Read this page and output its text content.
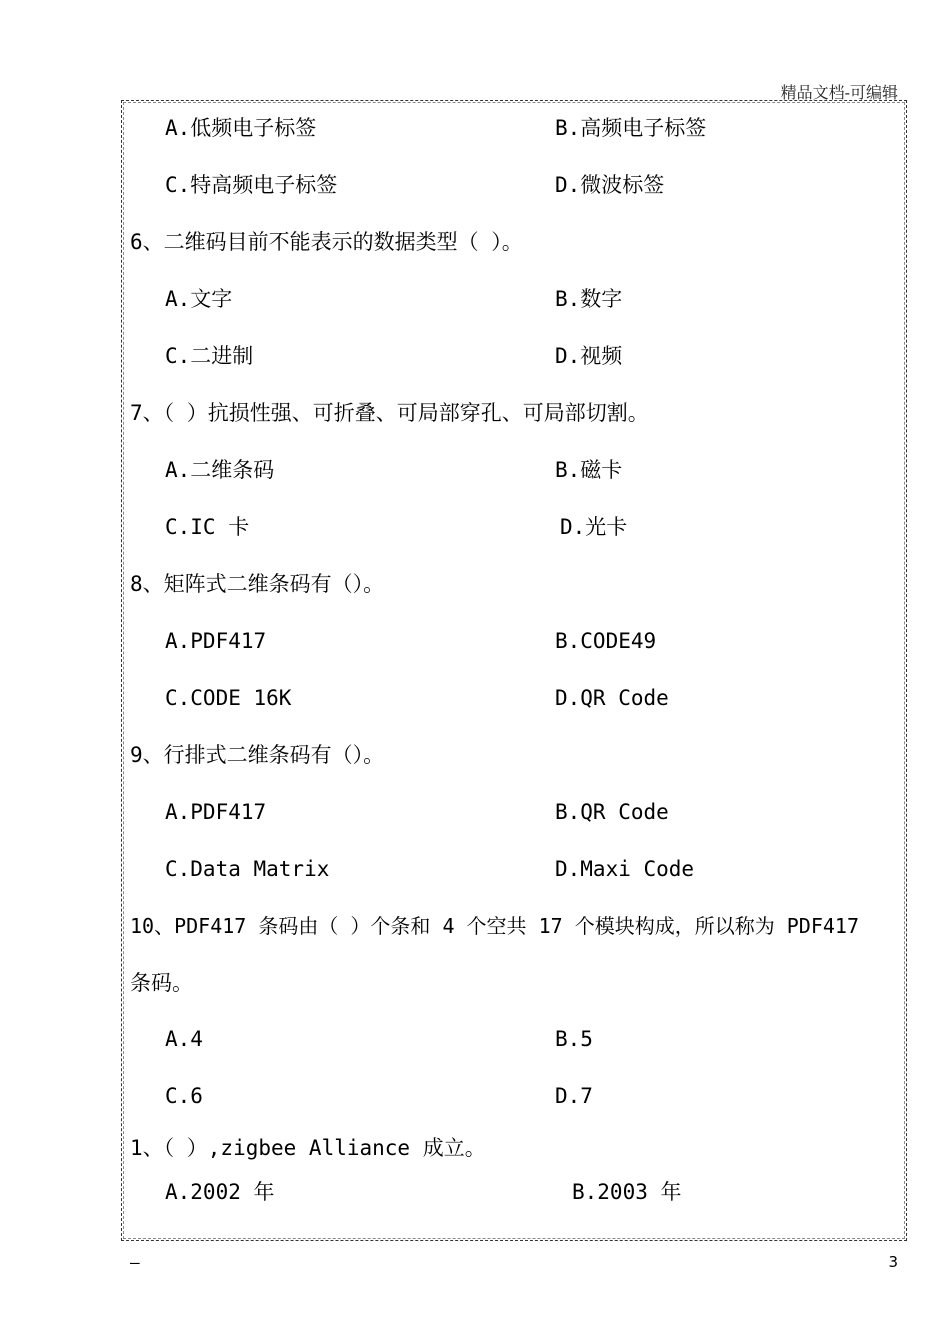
精品文档-可编辑
A.低频电子标签	B.高频电子标签
C.特高频电子标签	D.微波标签
6、二维码目前不能表示的数据类型（ ）。
A.文字	B.数字
C.二进制	D.视频
7、（ ）抗损性强、可折叠、可局部穿孔、可局部切割。
A.二维条码	B.磁卡
C.IC 卡	D.光卡
8、矩阵式二维条码有（）。
A.PDF417	B.CODE49
C.CODE 16K	D.QR Code
9、行排式二维条码有（）。
A.PDF417	B.QR Code
C.Data Matrix	D.Maxi Code
10、PDF417 条码由（ ）个条和 4 个空共 17 个模块构成，所以称为 PDF417
条码。
A.4	B.5
C.6	D.7
1、（ ）,zigbee Alliance 成立。
A.2002 年	B.2003 年
—	3
